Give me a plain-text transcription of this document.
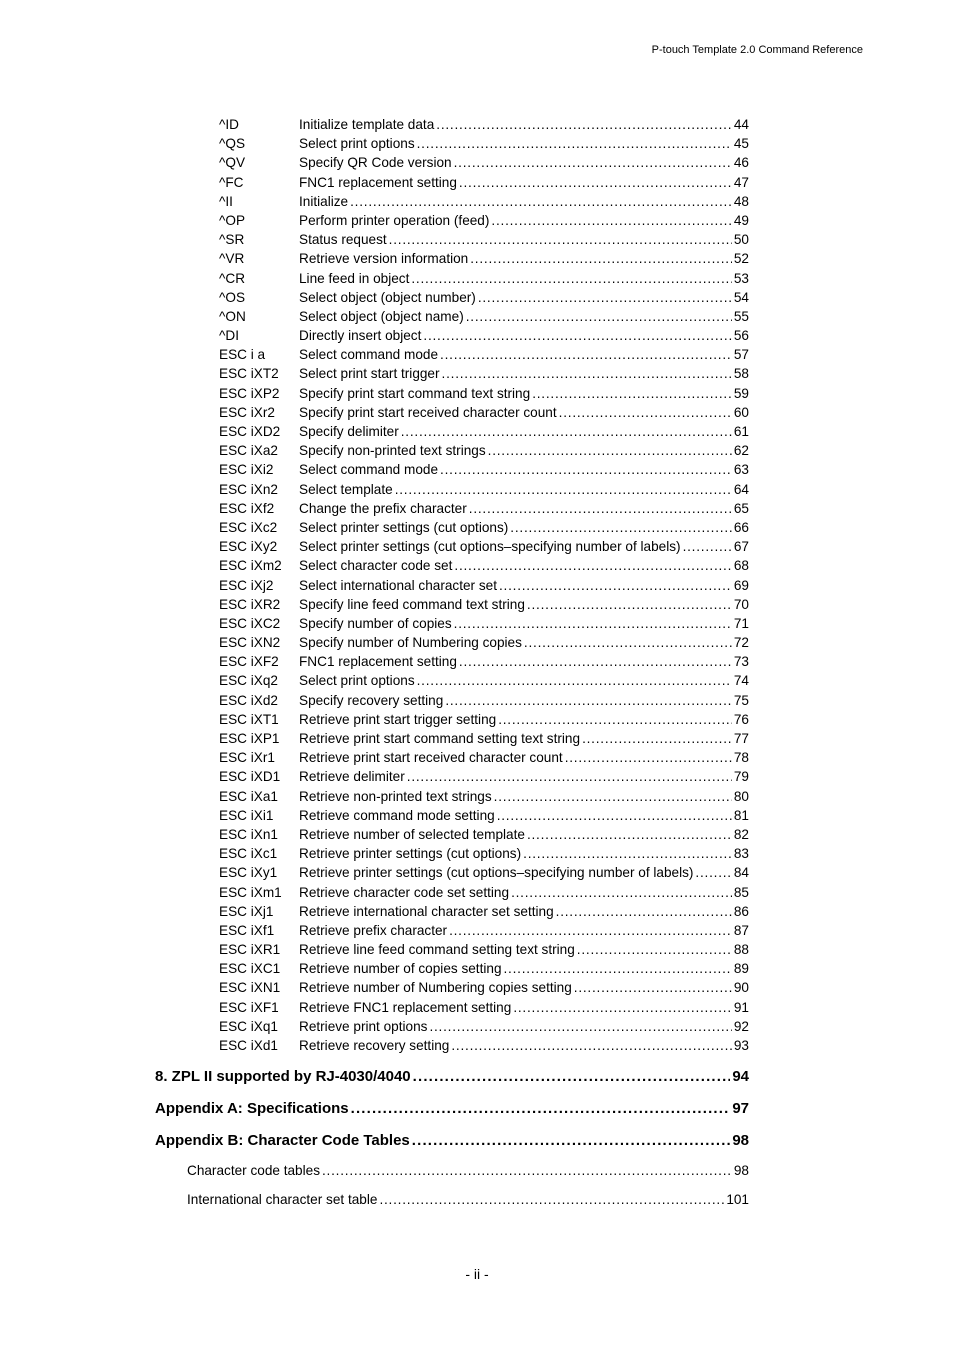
P-touch Template 2.0 Command Reference
^ID	Initialize template data . . .	44
^QS	Select print options . . .	45
^QV	Specify QR Code version . . .	46
^FC	FNC1 replacement setting . . .	47
^II	Initialize . . .	48
^OP	Perform printer operation (feed) . . .	49
^SR	Status request . . .	50
^VR	Retrieve version information . . .	52
^CR	Line feed in object . . .	53
^OS	Select object (object number) . . .	54
^ON	Select object (object name) . . .	55
^DI	Directly insert object . . .	56
ESC i a	Select command mode . . .	57
ESC iXT2	Select print start trigger . . .	58
ESC iXP2	Specify print start command text string . . .	59
ESC iXr2	Specify print start received character count . . .	60
ESC iXD2	Specify delimiter . . .	61
ESC iXa2	Specify non-printed text strings . . .	62
ESC iXi2	Select command mode . . .	63
ESC iXn2	Select template . . .	64
ESC iXf2	Change the prefix character . . .	65
ESC iXc2	Select printer settings (cut options) . . .	66
ESC iXy2	Select printer settings (cut options–specifying number of labels) . . .	67
ESC iXm2	Select character code set . . .	68
ESC iXj2	Select international character set . . .	69
ESC iXR2	Specify line feed command text string . . .	70
ESC iXC2	Specify number of copies . . .	71
ESC iXN2	Specify number of Numbering copies . . .	72
ESC iXF2	FNC1 replacement setting . . .	73
ESC iXq2	Select print options . . .	74
ESC iXd2	Specify recovery setting . . .	75
ESC iXT1	Retrieve print start trigger setting . . .	76
ESC iXP1	Retrieve print start command setting text string . . .	77
ESC iXr1	Retrieve print start received character count . . .	78
ESC iXD1	Retrieve delimiter . . .	79
ESC iXa1	Retrieve non-printed text strings . . .	80
ESC iXi1	Retrieve command mode setting . . .	81
ESC iXn1	Retrieve number of selected template . . .	82
ESC iXc1	Retrieve printer settings (cut options) . . .	83
ESC iXy1	Retrieve printer settings (cut options–specifying number of labels) . . .	84
ESC iXm1	Retrieve character code set setting . . .	85
ESC iXj1	Retrieve international character set setting . . .	86
ESC iXf1	Retrieve prefix character . . .	87
ESC iXR1	Retrieve line feed command setting text string . . .	88
ESC iXC1	Retrieve number of copies setting . . .	89
ESC iXN1	Retrieve number of Numbering copies setting . . .	90
ESC iXF1	Retrieve FNC1 replacement setting . . .	91
ESC iXq1	Retrieve print options . . .	92
ESC iXd1	Retrieve recovery setting . . .	93
8. ZPL II supported by RJ-4030/4040 . . .	94
Appendix A: Specifications . . .	97
Appendix B: Character Code Tables . . .	98
Character code tables . . .	98
International character set table . . .	101
- ii -
